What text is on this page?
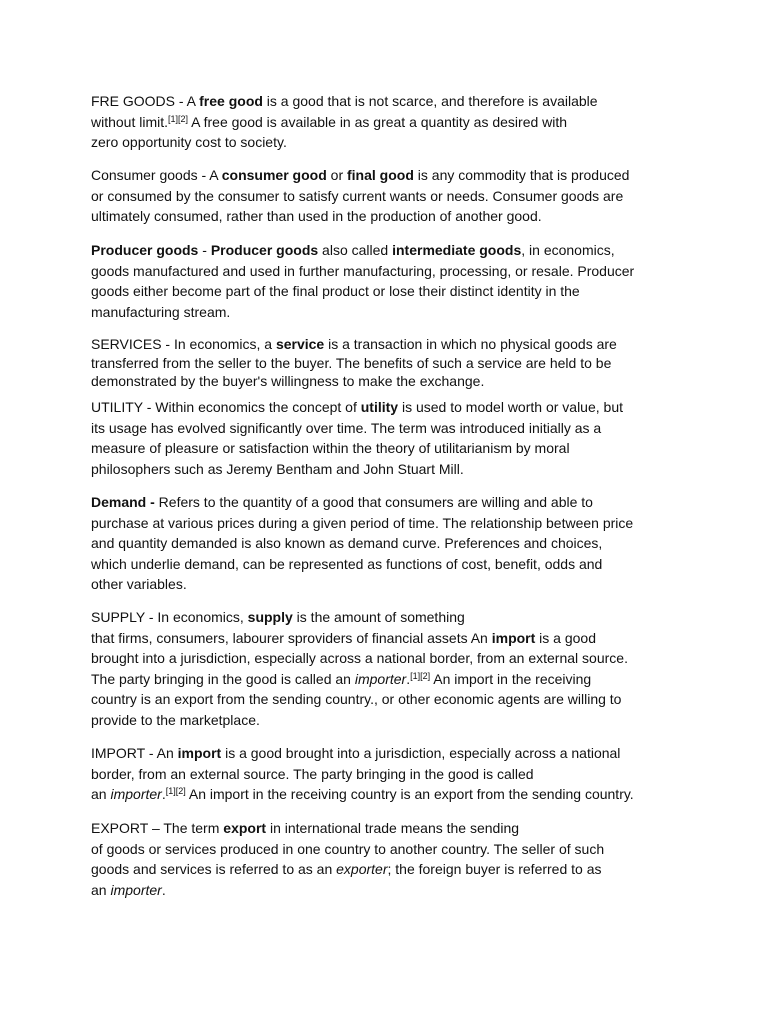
FRE GOODS - A free good is a good that is not scarce, and therefore is available
without limit.[1][2] A free good is available in as great a quantity as desired with
zero opportunity cost to society.

Consumer goods - A consumer good or final good is any commodity that is produced
or consumed by the consumer to satisfy current wants or needs. Consumer goods are
ultimately consumed, rather than used in the production of another good.

Producer goods - Producer goods also called intermediate goods, in economics,
goods manufactured and used in further manufacturing, processing, or resale. Producer
goods either become part of the final product or lose their distinct identity in the
manufacturing stream.

SERVICES - In economics, a service is a transaction in which no physical goods are
transferred from the seller to the buyer. The benefits of such a service are held to be
demonstrated by the buyer's willingness to make the exchange.

UTILITY - Within economics the concept of utility is used to model worth or value, but
its usage has evolved significantly over time. The term was introduced initially as a
measure of pleasure or satisfaction within the theory of utilitarianism by moral
philosophers such as Jeremy Bentham and John Stuart Mill.

Demand - Refers to the quantity of a good that consumers are willing and able to
purchase at various prices during a given period of time. The relationship between price
and quantity demanded is also known as demand curve. Preferences and choices,
which underlie demand, can be represented as functions of cost, benefit, odds and
other variables.

SUPPLY - In economics, supply is the amount of something
that firms, consumers, labourer sproviders of financial assets An import is a good
brought into a jurisdiction, especially across a national border, from an external source.
The party bringing in the good is called an importer.[1][2] An import in the receiving
country is an export from the sending country., or other economic agents are willing to
provide to the marketplace.

IMPORT - An import is a good brought into a jurisdiction, especially across a national
border, from an external source. The party bringing in the good is called
an importer.[1][2] An import in the receiving country is an export from the sending country.

EXPORT – The term export in international trade means the sending
of goods or services produced in one country to another country. The seller of such
goods and services is referred to as an exporter; the foreign buyer is referred to as
an importer.
